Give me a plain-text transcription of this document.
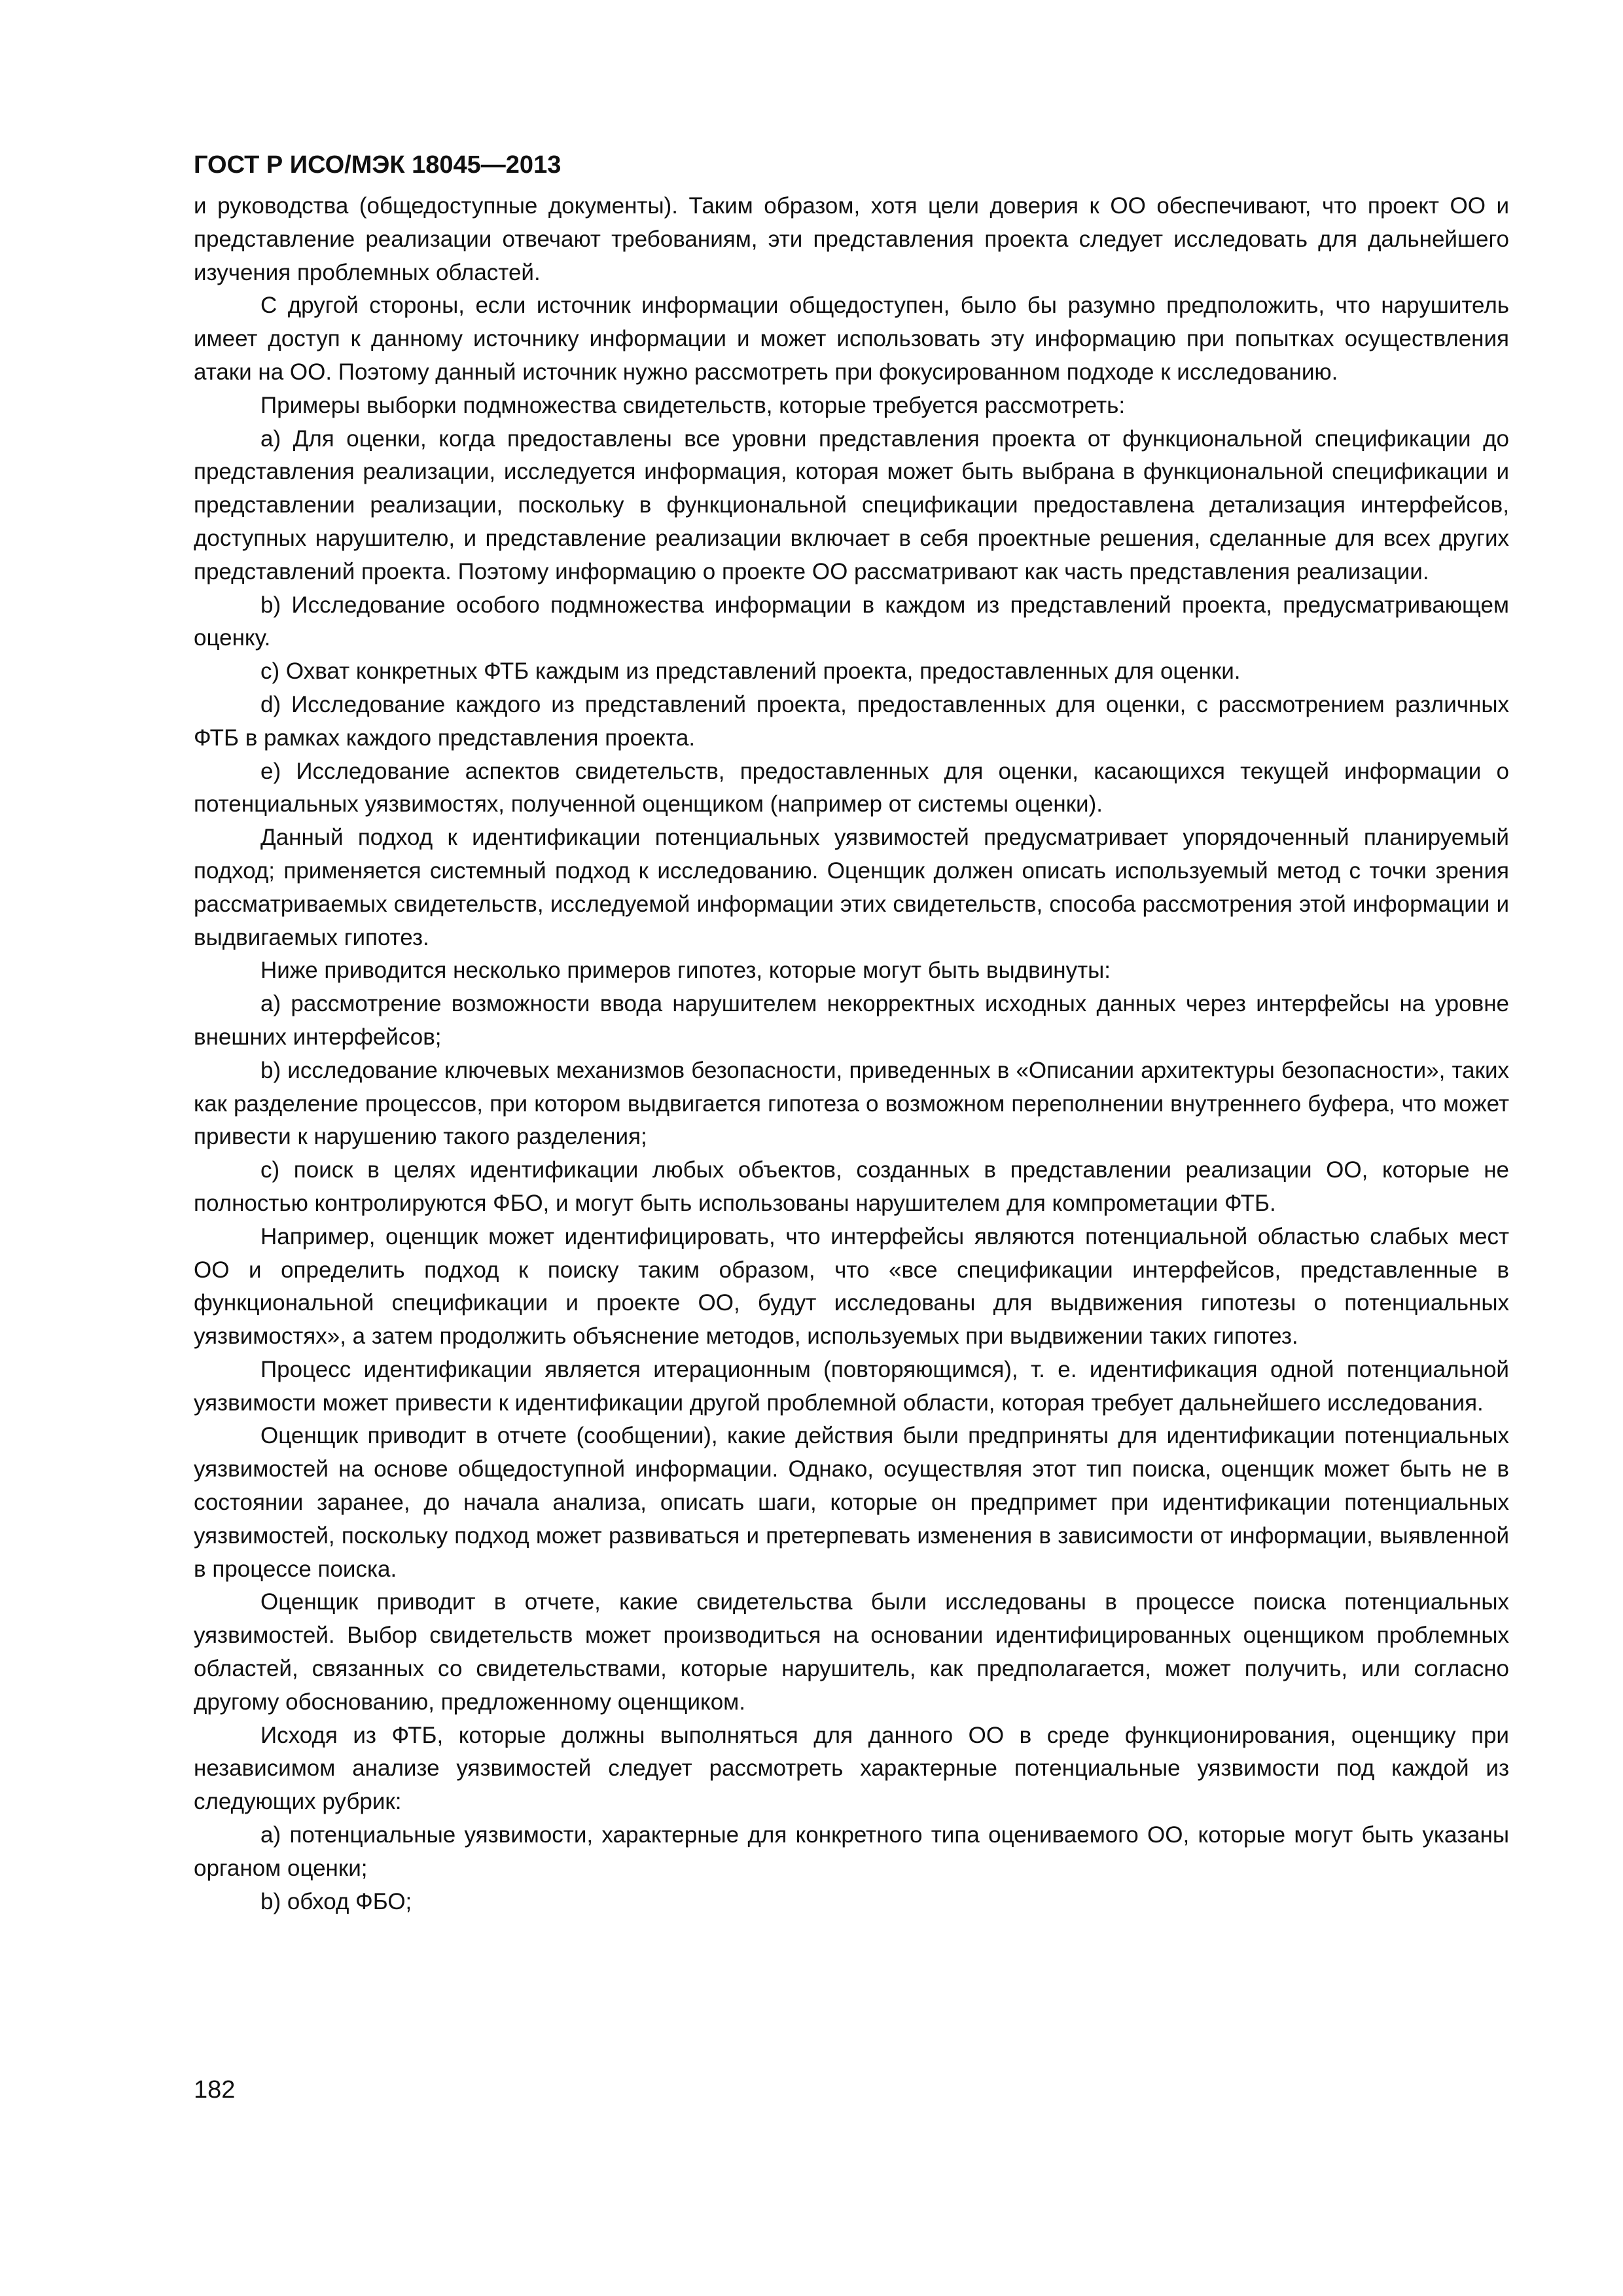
ГОСТ Р ИСО/МЭК 18045—2013

и руководства (общедоступные документы). Таким образом, хотя цели доверия к ОО обеспечивают, что проект ОО и представление реализации отвечают требованиям, эти представления проекта следует исследовать для дальнейшего изучения проблемных областей.

С другой стороны, если источник информации общедоступен, было бы разумно предположить, что нарушитель имеет доступ к данному источнику информации и может использовать эту информацию при попытках осуществления атаки на ОО. Поэтому данный источник нужно рассмотреть при фокусированном подходе к исследованию.

Примеры выборки подмножества свидетельств, которые требуется рассмотреть:

a) Для оценки, когда предоставлены все уровни представления проекта от функциональной спецификации до представления реализации, исследуется информация, которая может быть выбрана в функциональной спецификации и представлении реализации, поскольку в функциональной спецификации предоставлена детализация интерфейсов, доступных нарушителю, и представление реализации включает в себя проектные решения, сделанные для всех других представлений проекта. Поэтому информацию о проекте ОО рассматривают как часть представления реализации.

b) Исследование особого подмножества информации в каждом из представлений проекта, предусматривающем оценку.

c) Охват конкретных ФТБ каждым из представлений проекта, предоставленных для оценки.

d) Исследование каждого из представлений проекта, предоставленных для оценки, с рассмотрением различных ФТБ в рамках каждого представления проекта.

e) Исследование аспектов свидетельств, предоставленных для оценки, касающихся текущей информации о потенциальных уязвимостях, полученной оценщиком (например от системы оценки).

Данный подход к идентификации потенциальных уязвимостей предусматривает упорядоченный планируемый подход; применяется системный подход к исследованию. Оценщик должен описать используемый метод с точки зрения рассматриваемых свидетельств, исследуемой информации этих свидетельств, способа рассмотрения этой информации и выдвигаемых гипотез.

Ниже приводится несколько примеров гипотез, которые могут быть выдвинуты:

a) рассмотрение возможности ввода нарушителем некорректных исходных данных через интерфейсы на уровне внешних интерфейсов;

b) исследование ключевых механизмов безопасности, приведенных в «Описании архитектуры безопасности», таких как разделение процессов, при котором выдвигается гипотеза о возможном переполнении внутреннего буфера, что может привести к нарушению такого разделения;

c) поиск в целях идентификации любых объектов, созданных в представлении реализации ОО, которые не полностью контролируются ФБО, и могут быть использованы нарушителем для компрометации ФТБ.

Например, оценщик может идентифицировать, что интерфейсы являются потенциальной областью слабых мест ОО и определить подход к поиску таким образом, что «все спецификации интерфейсов, представленные в функциональной спецификации и проекте ОО, будут исследованы для выдвижения гипотезы о потенциальных уязвимостях», а затем продолжить объяснение методов, используемых при выдвижении таких гипотез.

Процесс идентификации является итерационным (повторяющимся), т. е. идентификация одной потенциальной уязвимости может привести к идентификации другой проблемной области, которая требует дальнейшего исследования.

Оценщик приводит в отчете (сообщении), какие действия были предприняты для идентификации потенциальных уязвимостей на основе общедоступной информации. Однако, осуществляя этот тип поиска, оценщик может быть не в состоянии заранее, до начала анализа, описать шаги, которые он предпримет при идентификации потенциальных уязвимостей, поскольку подход может развиваться и претерпевать изменения в зависимости от информации, выявленной в процессе поиска.

Оценщик приводит в отчете, какие свидетельства были исследованы в процессе поиска потенциальных уязвимостей. Выбор свидетельств может производиться на основании идентифицированных оценщиком проблемных областей, связанных со свидетельствами, которые нарушитель, как предполагается, может получить, или согласно другому обоснованию, предложенному оценщиком.

Исходя из ФТБ, которые должны выполняться для данного ОО в среде функционирования, оценщику при независимом анализе уязвимостей следует рассмотреть характерные потенциальные уязвимости под каждой из следующих рубрик:

a) потенциальные уязвимости, характерные для конкретного типа оцениваемого ОО, которые могут быть указаны органом оценки;

b) обход ФБО;

182
